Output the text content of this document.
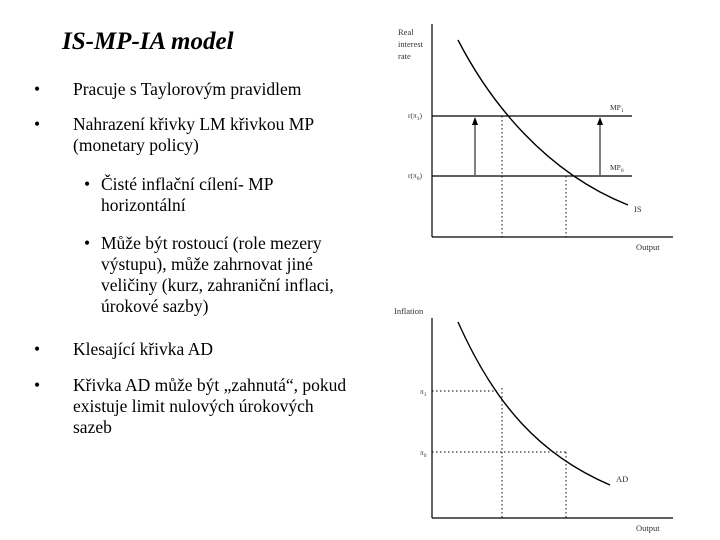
IS-MP-IA model
• Pracuje s Taylorovým pravidlem
• Nahrazení křivky LM křivkou MP
(monetary policy)
• Čisté inflační cílení- MP
horizontální
• Může být rostoucí (role mezery
výstupu), může zahrnovat jiné
veličiny (kurz, zahraniční inflaci,
úrokové sazby)
• Klesající křivka AD
• Křivka AD může být „zahnutá“, pokud
existuje limit nulových úrokových
sazeb
Real
interest
rate
Output
IS
$MP_1$
$MP_0$
$r(\pi_1)$
$r(\pi_0)$
Inflation
Output
AD
$\pi_1$
$\pi_0$
